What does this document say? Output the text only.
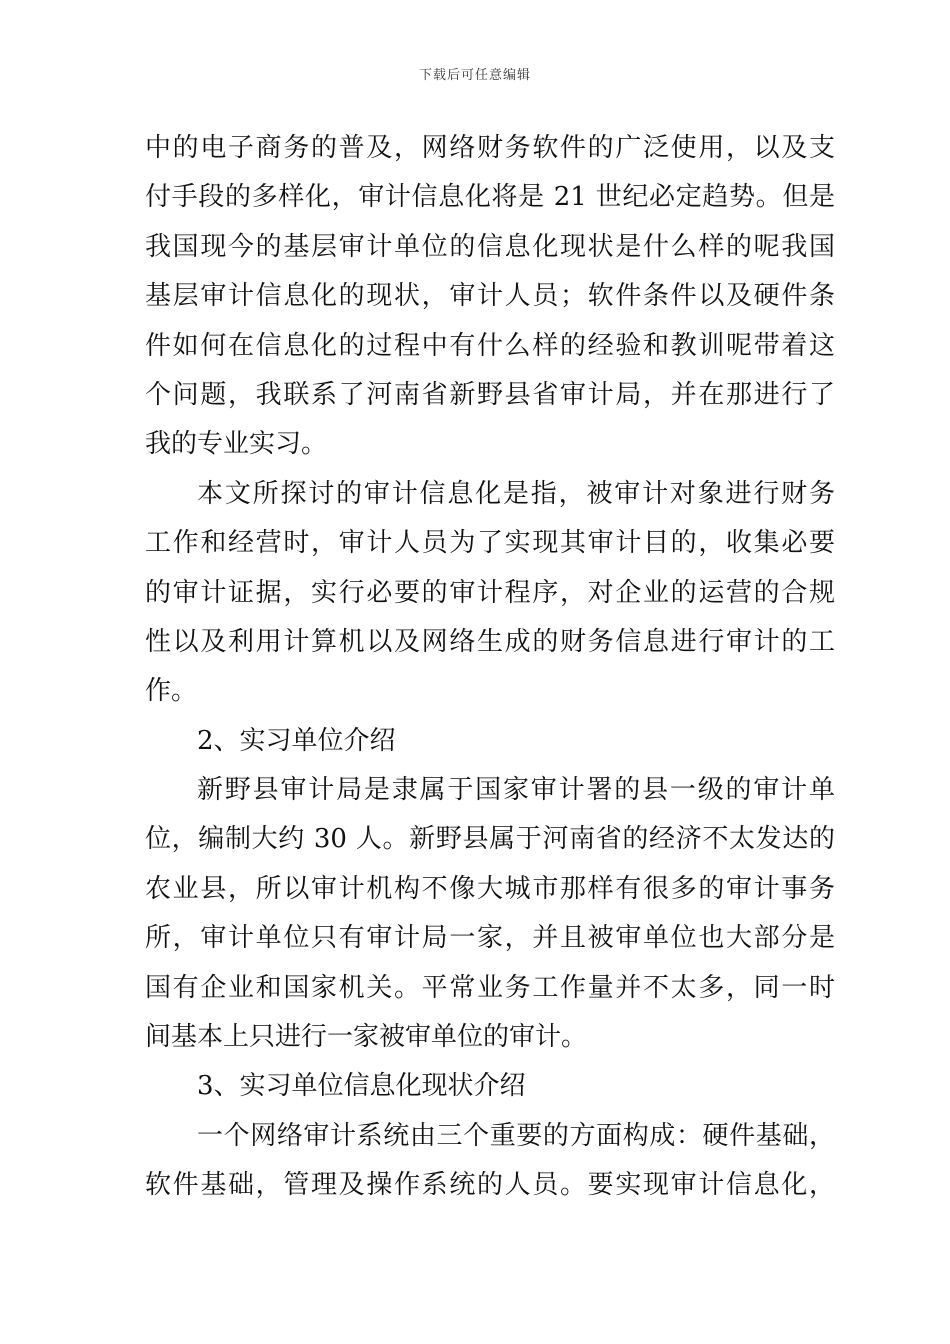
下载后可任意编辑
中的电子商务的普及，网络财务软件的广泛使用，以及支
付手段的多样化，审计信息化将是 21 世纪必定趋势。但是
我国现今的基层审计单位的信息化现状是什么样的呢我国
基层审计信息化的现状，审计人员；软件条件以及硬件条
件如何在信息化的过程中有什么样的经验和教训呢带着这
个问题，我联系了河南省新野县省审计局，并在那进行了
我的专业实习。
本文所探讨的审计信息化是指，被审计对象进行财务
工作和经营时，审计人员为了实现其审计目的，收集必要
的审计证据，实行必要的审计程序，对企业的运营的合规
性以及利用计算机以及网络生成的财务信息进行审计的工
作。
2、实习单位介绍
新野县审计局是隶属于国家审计署的县一级的审计单
位，编制大约 30 人。新野县属于河南省的经济不太发达的
农业县，所以审计机构不像大城市那样有很多的审计事务
所，审计单位只有审计局一家，并且被审单位也大部分是
国有企业和国家机关。平常业务工作量并不太多，同一时
间基本上只进行一家被审单位的审计。
3、实习单位信息化现状介绍
一个网络审计系统由三个重要的方面构成：硬件基础，
软件基础，管理及操作系统的人员。要实现审计信息化，
